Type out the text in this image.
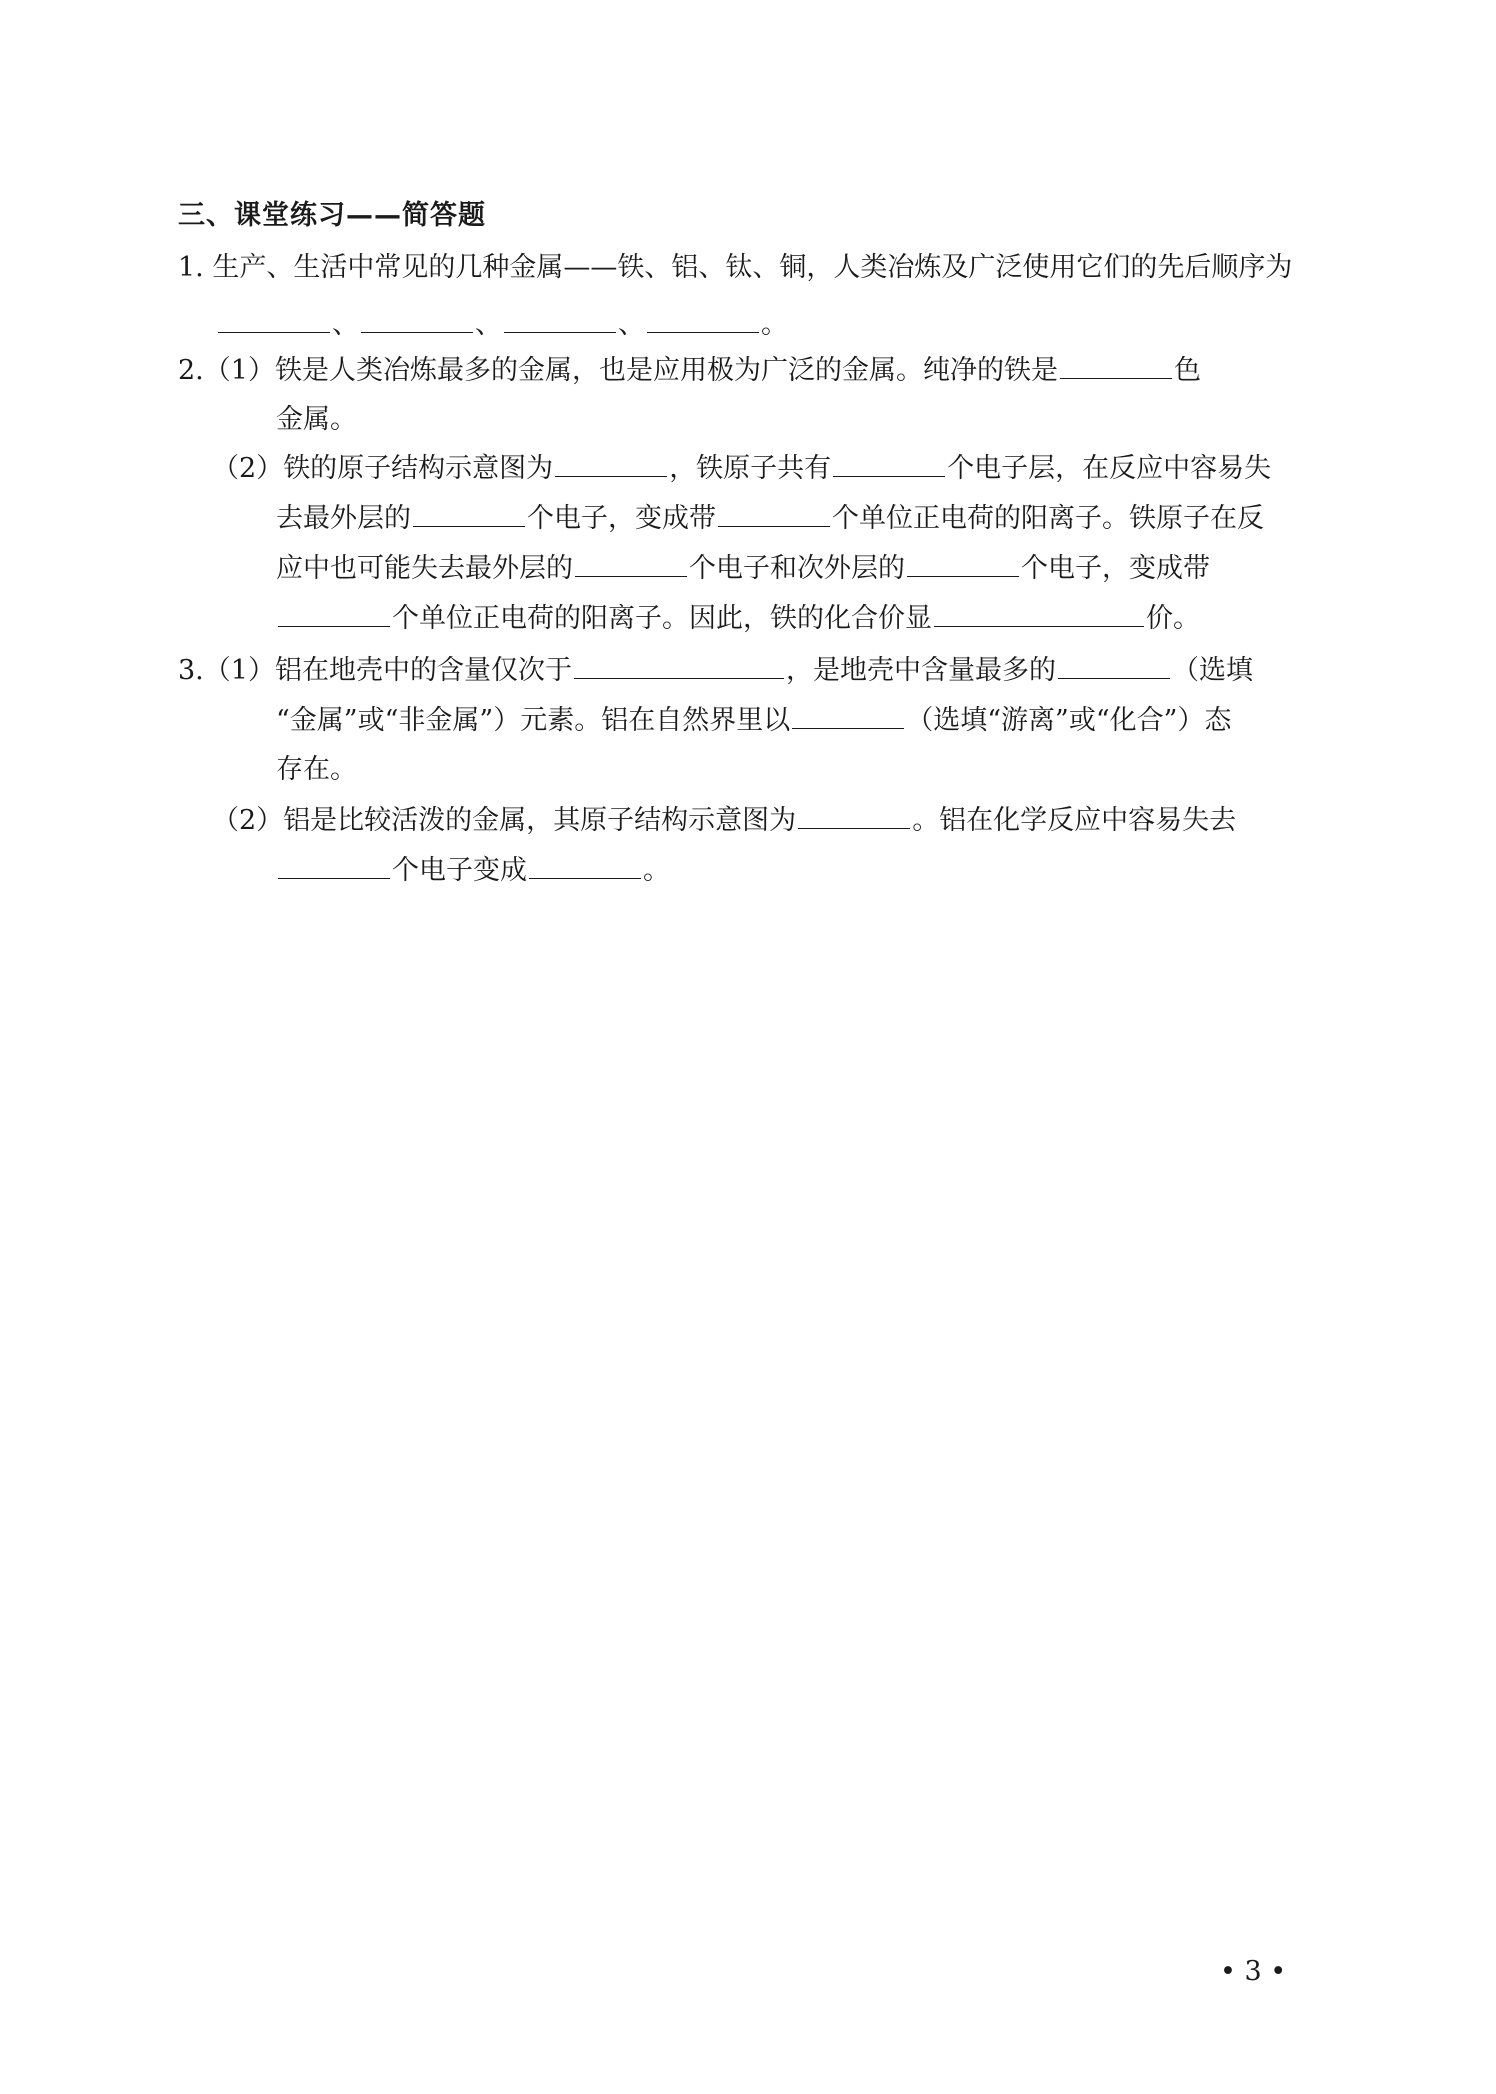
三、课堂练习——简答题
1. 生产、生活中常见的几种金属——铁、铝、钛、铜，人类冶炼及广泛使用它们的先后顺序为
、	、	、	。
2.（1）铁是人类冶炼最多的金属，也是应用极为广泛的金属。纯净的铁是	色
金属。
（2）铁的原子结构示意图为	，铁原子共有	个电子层，在反应中容易失
去最外层的	个电子，变成带	个单位正电荷的阳离子。铁原子在反
应中也可能失去最外层的	个电子和次外层的	个电子，变成带
个单位正电荷的阳离子。因此，铁的化合价显	价。
3.（1）铝在地壳中的含量仅次于	，是地壳中含量最多的	（选填
“金属”或“非金属”）元素。铝在自然界里以	（选填“游离”或“化合”）态
存在。
（2）铝是比较活泼的金属，其原子结构示意图为	。铝在化学反应中容易失去
个电子变成	。
• 3 •
